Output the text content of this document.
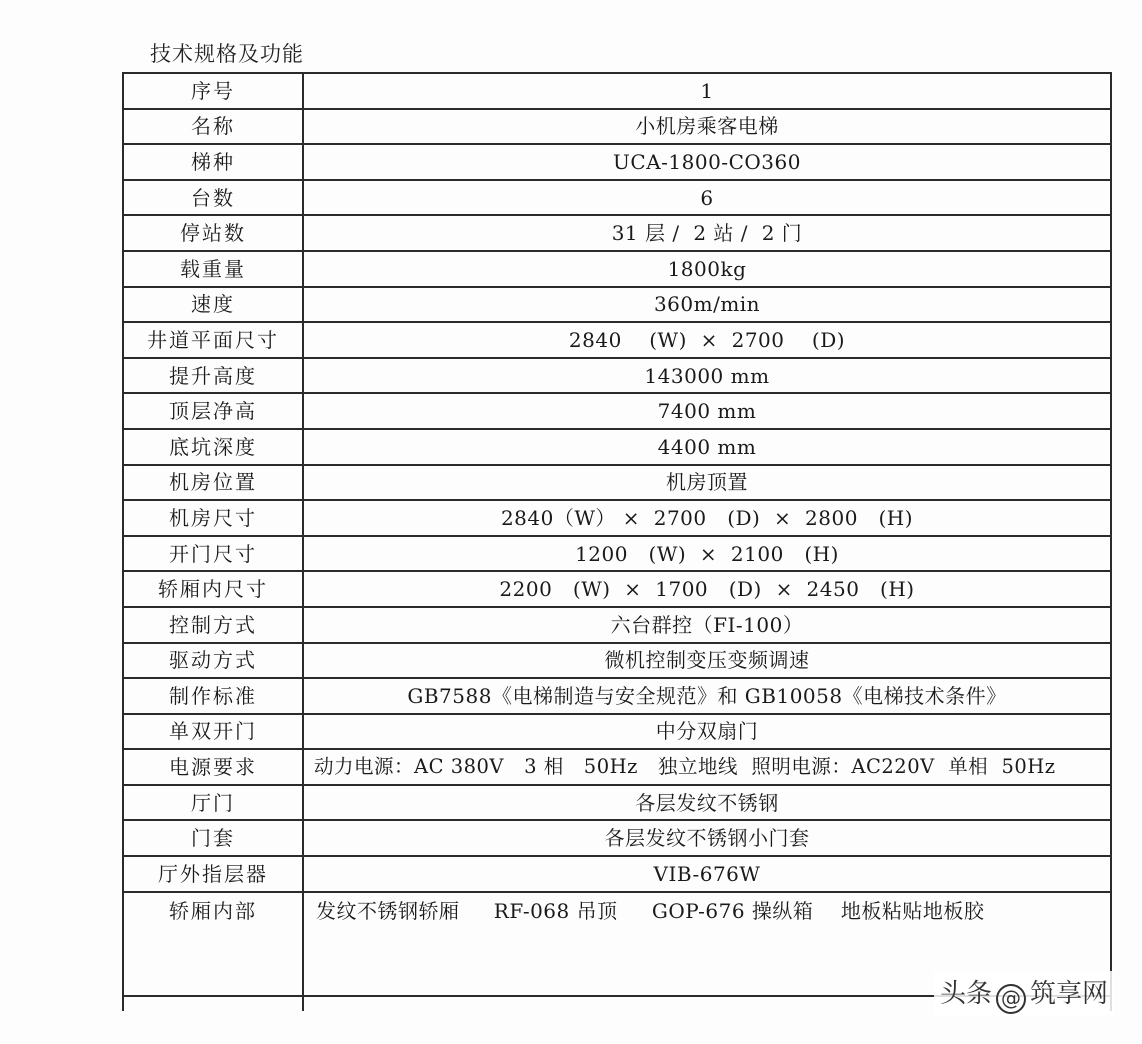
技术规格及功能
序号	1
名称	小机房乘客电梯
梯种	UCA-1800-CO360
台数	6
停站数	31 层 /  2 站 /  2 门
载重量	1800kg
速度	360m/min
井道平面尺寸	2840    (W)  ×  2700    (D)
提升高度	143000 mm
顶层净高	7400 mm
底坑深度	4400 mm
机房位置	机房顶置
机房尺寸	2840（W） ×  2700   (D)  ×  2800   (H)
开门尺寸	1200   (W)  ×  2100   (H)
轿厢内尺寸	2200   (W)  ×  1700   (D)  ×  2450   (H)
控制方式	六台群控（FI-100）
驱动方式	微机控制变压变频调速
制作标准	GB7588《电梯制造与安全规范》和 GB10058《电梯技术条件》
单双开门	中分双扇门
电源要求	动力电源：AC 380V   3 相   50Hz   独立地线  照明电源：AC220V  单相  50Hz
厅门	各层发纹不锈钢
门套	各层发纹不锈钢小门套
厅外指层器	VIB-676W
轿厢内部	发纹不锈钢轿厢     RF-068 吊顶     GOP-676 操纵箱    地板粘贴地板胶

头条 @ 筑享网
